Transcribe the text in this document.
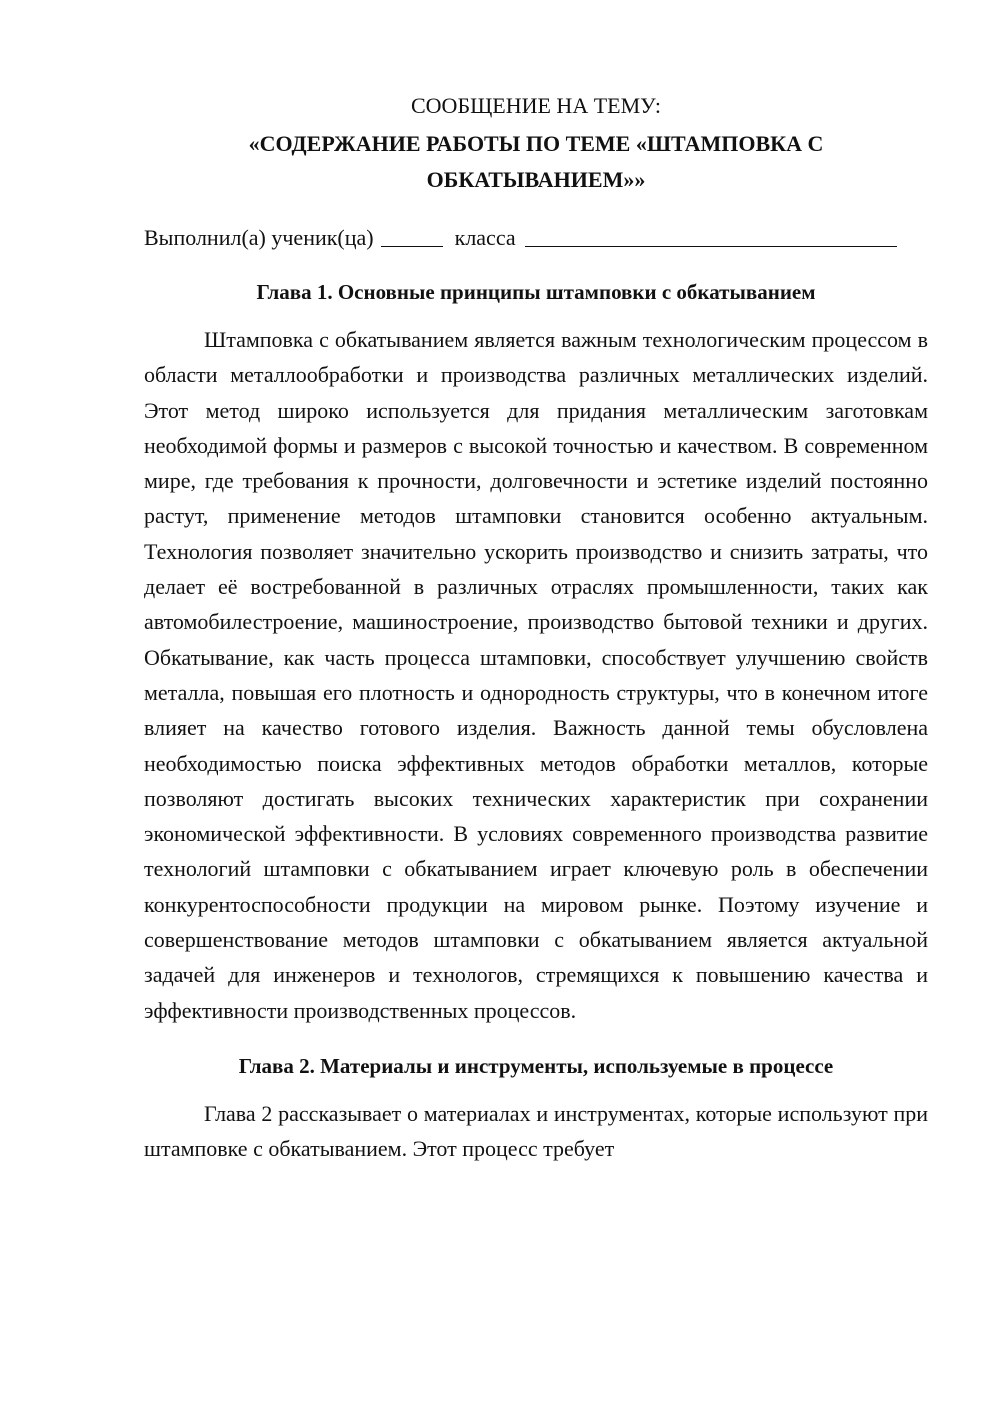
СООБЩЕНИЕ НА ТЕМУ:

«СОДЕРЖАНИЕ РАБОТЫ ПО ТЕМЕ «ШТАМПОВКА С ОБКАТЫВАНИЕМ»»

Выполнил(а) ученик(ца)	класса

Глава 1. Основные принципы штамповки с обкатыванием

Штамповка с обкатыванием является важным технологическим процессом в области металлообработки и производства различных металлических изделий. Этот метод широко используется для придания металлическим заготовкам необходимой формы и размеров с высокой точностью и качеством. В современном мире, где требования к прочности, долговечности и эстетике изделий постоянно растут, применение методов штамповки становится особенно актуальным. Технология позволяет значительно ускорить производство и снизить затраты, что делает её востребованной в различных отраслях промышленности, таких как автомобилестроение, машиностроение, производство бытовой техники и других. Обкатывание, как часть процесса штамповки, способствует улучшению свойств металла, повышая его плотность и однородность структуры, что в конечном итоге влияет на качество готового изделия. Важность данной темы обусловлена необходимостью поиска эффективных методов обработки металлов, которые позволяют достигать высоких технических характеристик при сохранении экономической эффективности. В условиях современного производства развитие технологий штамповки с обкатыванием играет ключевую роль в обеспечении конкурентоспособности продукции на мировом рынке. Поэтому изучение и совершенствование методов штамповки с обкатыванием является актуальной задачей для инженеров и технологов, стремящихся к повышению качества и эффективности производственных процессов.

Глава 2. Материалы и инструменты, используемые в процессе

Глава 2 рассказывает о материалах и инструментах, которые используют при штамповке с обкатыванием. Этот процесс требует
